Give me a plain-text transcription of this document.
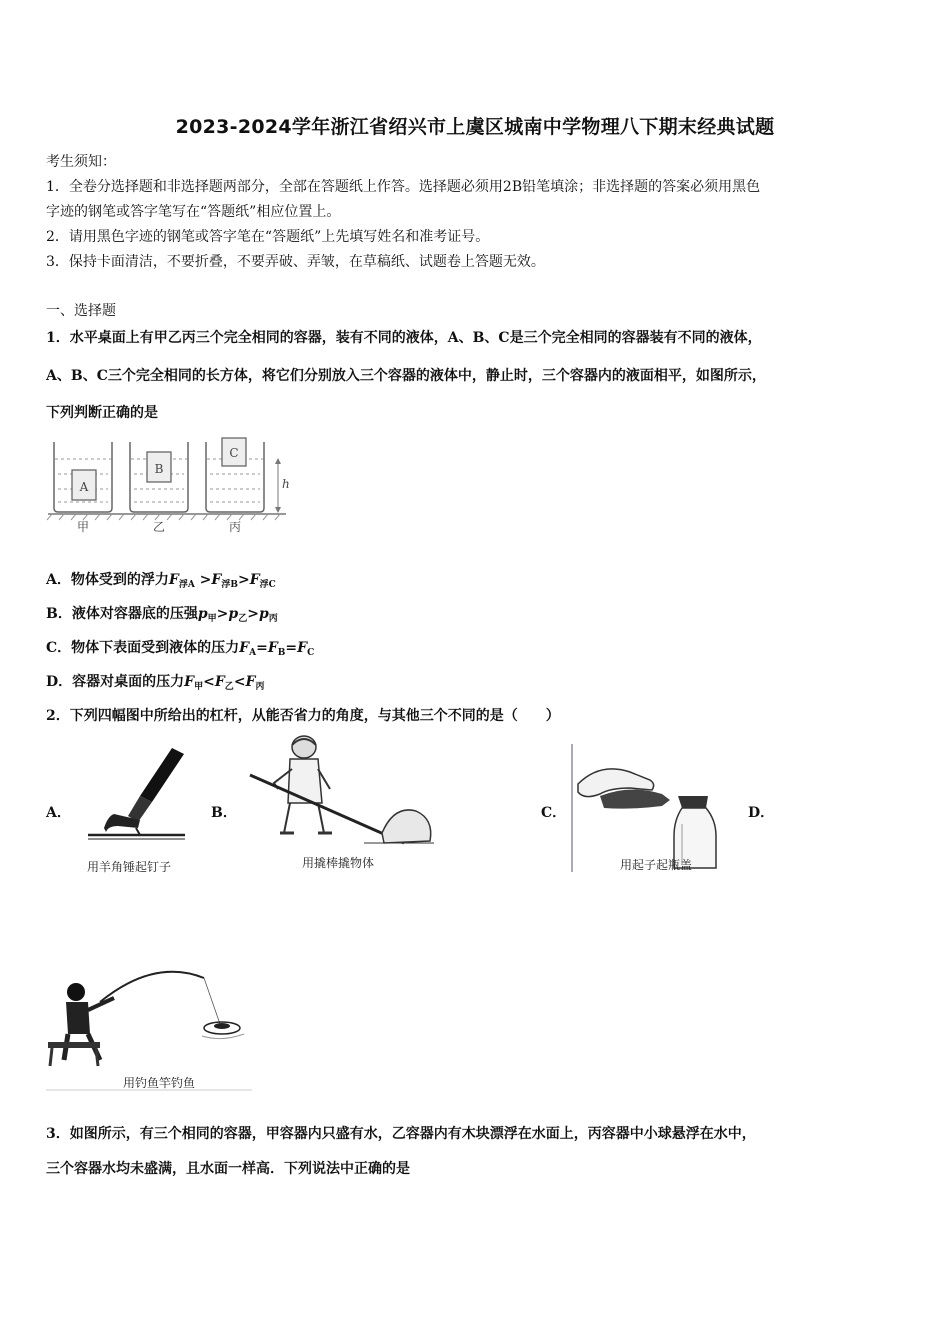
2023-2024学年浙江省绍兴市上虞区城南中学物理八下期末经典试题
考生须知：
1．全卷分选择题和非选择题两部分，全部在答题纸上作答。选择题必须用2B铅笔填涂；非选择题的答案必须用黑色
字迹的钢笔或答字笔写在“答题纸”相应位置上。
2．请用黑色字迹的钢笔或答字笔在“答题纸”上先填写姓名和准考证号。
3．保持卡面清洁，不要折叠，不要弄破、弄皱，在草稿纸、试题卷上答题无效。
一、选择题
1．水平桌面上有甲乙丙三个完全相同的容器，装有不同的液体，A、B、C是三个完全相同的容器装有不同的液体，
A、B、C三个完全相同的长方体，将它们分别放入三个容器的液体中，静止时，三个容器内的液面相平，如图所示，
下列判断正确的是
A
B
C
h
甲	乙	丙
A．物体受到的浮力$F_{浮A} >F_{浮B}>F_{浮C}$
B．液体对容器底的压强$p_甲>p_乙>p_丙$
C．物体下表面受到液体的压力$F_A=F_B=F_C$
D．容器对桌面的压力$F_甲<F_乙<F_丙$
2．下列四幅图中所给出的杠杆，从能否省力的角度，与其他三个不同的是（　　）
A．	B．	C．	D．
用羊角锤起钉子	用撬棒撬物体	用起子起瓶盖
用钓鱼竿钓鱼
3．如图所示，有三个相同的容器，甲容器内只盛有水，乙容器内有木块漂浮在水面上，丙容器中小球悬浮在水中，
三个容器水均未盛满，且水面一样高．下列说法中正确的是
